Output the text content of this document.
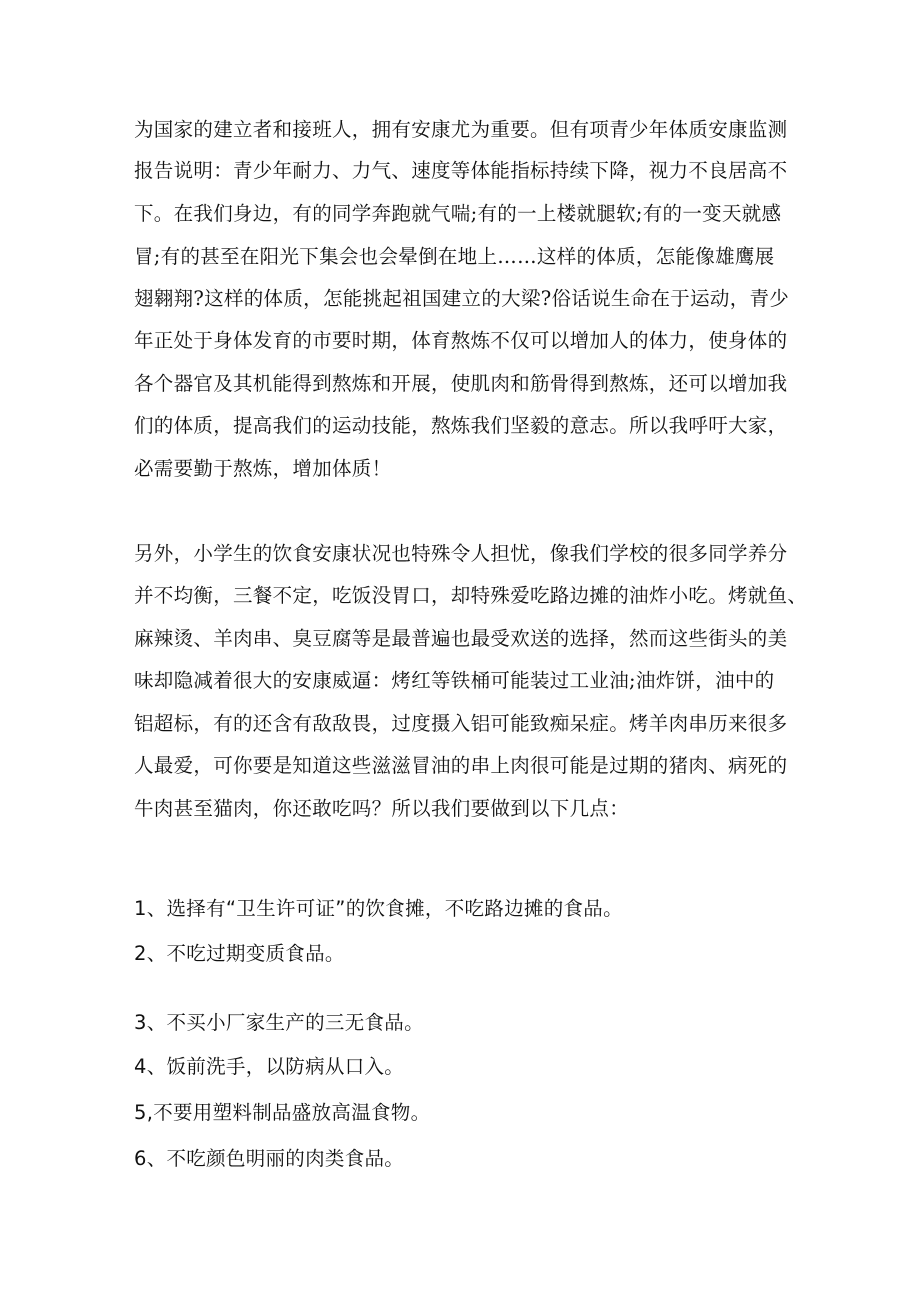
为国家的建立者和接班人，拥有安康尤为重要。但有项青少年体质安康监测

报告说明：青少年耐力、力气、速度等体能指标持续下降，视力不良居高不

下。在我们身边，有的同学奔跑就气喘;有的一上楼就腿软;有的一变天就感

冒;有的甚至在阳光下集会也会晕倒在地上……这样的体质，怎能像雄鹰展

翅翱翔?这样的体质，怎能挑起祖国建立的大梁?俗话说生命在于运动，青少

年正处于身体发育的市要时期，体育熬炼不仅可以增加人的体力，使身体的

各个器官及其机能得到熬炼和开展，使肌肉和筋骨得到熬炼，还可以增加我

们的体质，提高我们的运动技能，熬炼我们坚毅的意志。所以我呼吁大家，

必需要勤于熬炼，增加体质！

另外，小学生的饮食安康状况也特殊令人担忧，像我们学校的很多同学养分

并不均衡，三餐不定，吃饭没胃口，却特殊爱吃路边摊的油炸小吃。烤就鱼、

麻辣烫、羊肉串、臭豆腐等是最普遍也最受欢送的选择，然而这些街头的美

味却隐减着很大的安康威逼：烤红等铁桶可能装过工业油;油炸饼，油中的

铝超标，有的还含有敌敌畏，过度摄入铝可能致痴呆症。烤羊肉串历来很多

人最爱，可你要是知道这些滋滋冒油的串上肉很可能是过期的猪肉、病死的

牛肉甚至猫肉，你还敢吃吗？所以我们要做到以下几点：

1、选择有“卫生许可证”的饮食摊，不吃路边摊的食品。

2、不吃过期变质食品。

3、不买小厂家生产的三无食品。

4、饭前洗手，以防病从口入。

5,不要用塑料制品盛放高温食物。

6、不吃颜色明丽的肉类食品。
